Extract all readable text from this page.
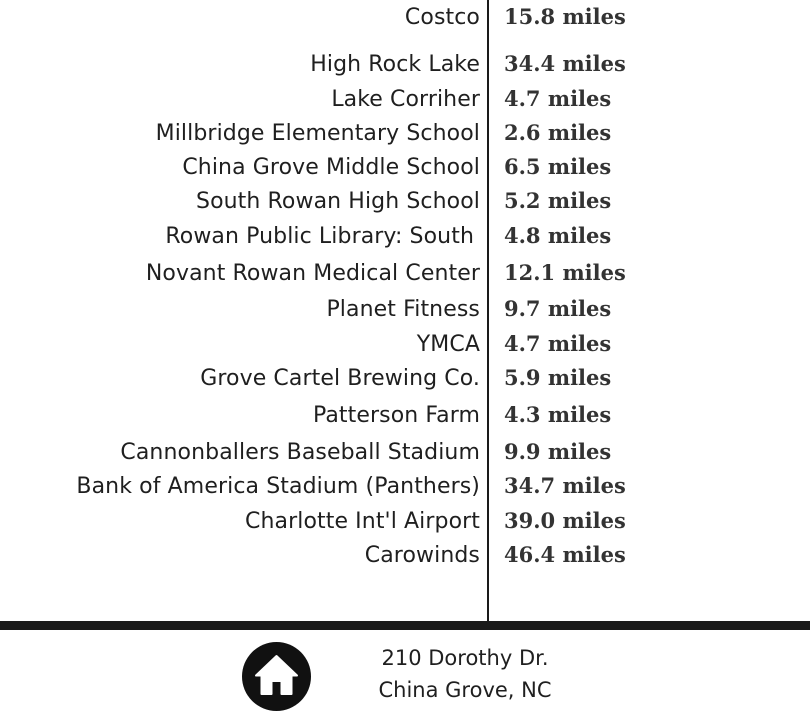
Costco 15.8 miles
High Rock Lake 34.4 miles
Lake Corriher 4.7 miles
Millbridge Elementary School 2.6 miles
China Grove Middle School 6.5 miles
South Rowan High School 5.2 miles
Rowan Public Library: South 4.8 miles
Novant Rowan Medical Center 12.1 miles
Planet Fitness 9.7 miles
YMCA 4.7 miles
Grove Cartel Brewing Co. 5.9 miles
Patterson Farm 4.3 miles
Cannonballers Baseball Stadium 9.9 miles
Bank of America Stadium (Panthers) 34.7 miles
Charlotte Int'l Airport 39.0 miles
Carowinds 46.4 miles
210 Dorothy Dr.
China Grove, NC
